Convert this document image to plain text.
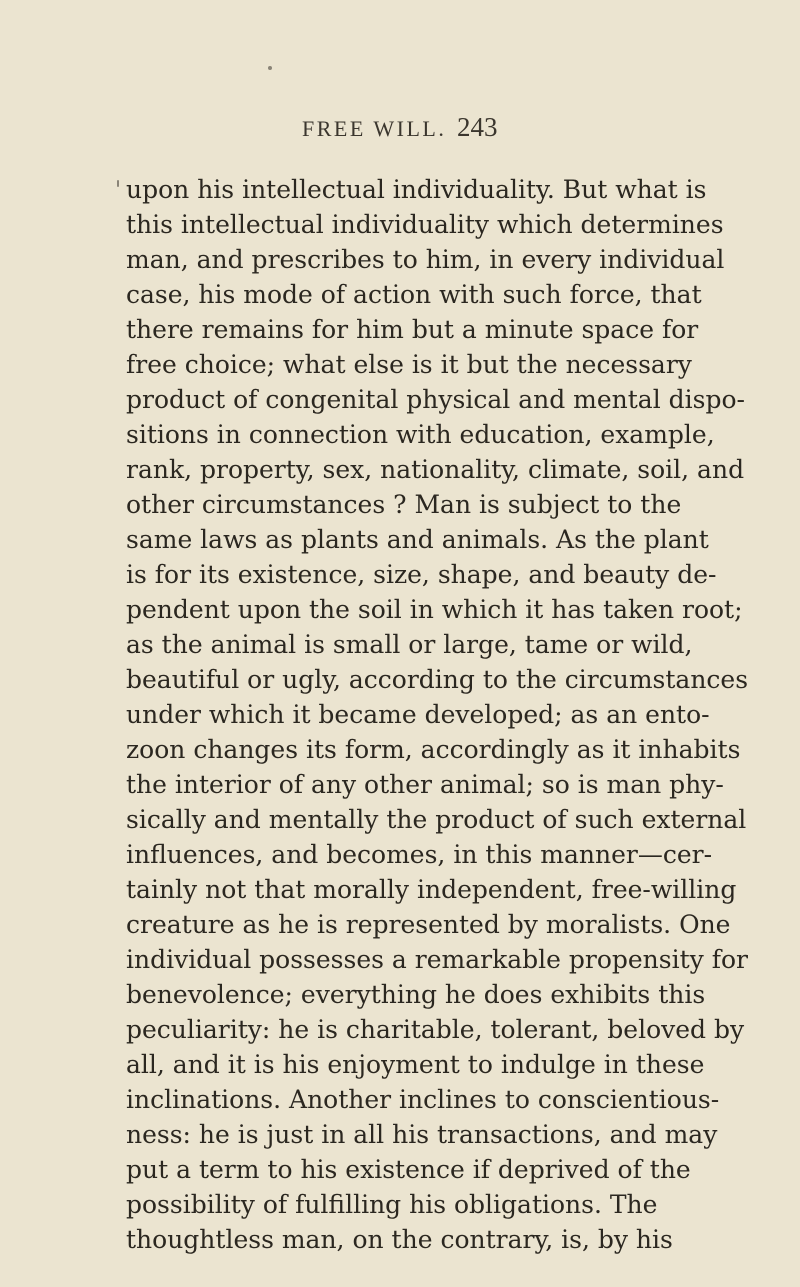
FREE WILL. 243
upon his intellectual individuality. But what is
this intellectual individuality which determines
man, and prescribes to him, in every individual
case, his mode of action with such force, that
there remains for him but a minute space for
free choice; what else is it but the necessary
product of congenital physical and mental dispo-
sitions in connection with education, example,
rank, property, sex, nationality, climate, soil, and
other circumstances ? Man is subject to the
same laws as plants and animals. As the plant
is for its existence, size, shape, and beauty de-
pendent upon the soil in which it has taken root;
as the animal is small or large, tame or wild,
beautiful or ugly, according to the circumstances
under which it became developed; as an ento-
zoon changes its form, accordingly as it inhabits
the interior of any other animal; so is man phy-
sically and mentally the product of such external
influences, and becomes, in this manner—cer-
tainly not that morally independent, free-willing
creature as he is represented by moralists. One
individual possesses a remarkable propensity for
benevolence; everything he does exhibits this
peculiarity: he is charitable, tolerant, beloved by
all, and it is his enjoyment to indulge in these
inclinations. Another inclines to conscientious-
ness: he is just in all his transactions, and may
put a term to his existence if deprived of the
possibility of fulfilling his obligations. The
thoughtless man, on the contrary, is, by his
